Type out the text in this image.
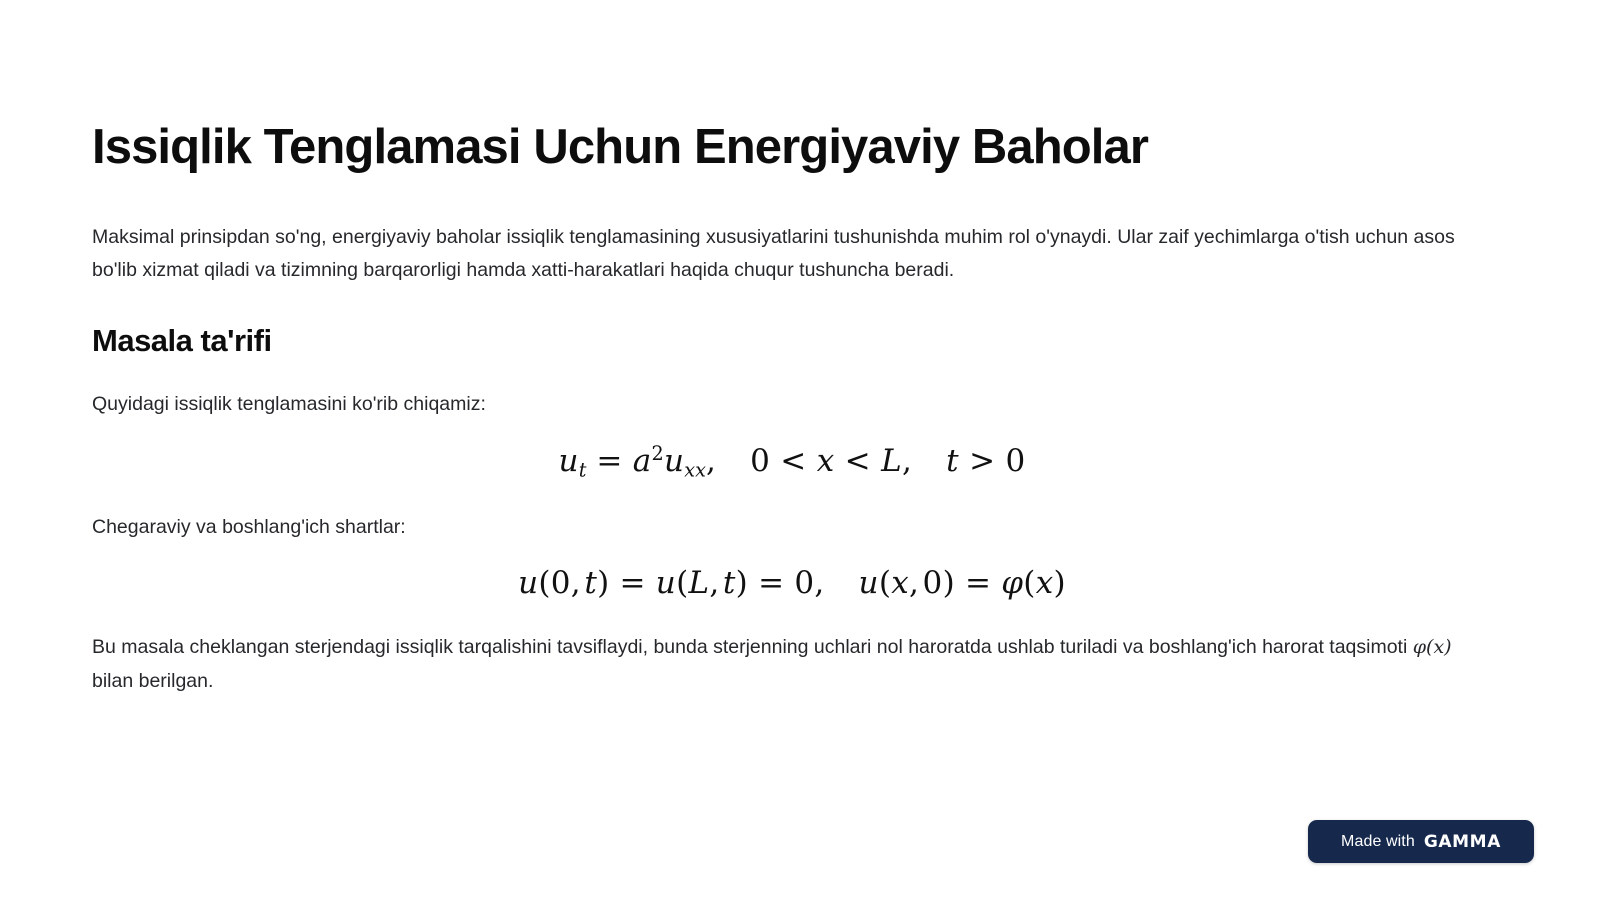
Issiqlik Tenglamasi Uchun Energiyaviy Baholar

Maksimal prinsipdan so'ng, energiyaviy baholar issiqlik tenglamasining xususiyatlarini tushunishda muhim rol o'ynaydi. Ular zaif yechimlarga o'tish uchun asos bo'lib xizmat qiladi va tizimning barqarorligi hamda xatti-harakatlari haqida chuqur tushuncha beradi.

Masala ta'rifi

Quyidagi issiqlik tenglamasini ko'rib chiqamiz:

$u_t = a^2u_{xx}$, 0 < x < L, t > 0

Chegaraviy va boshlang'ich shartlar:

u(0, t) = u(L, t) = 0, u(x, 0) = φ(x)

Bu masala cheklangan sterjendagi issiqlik tarqalishini tavsiflaydi, bunda sterjenning uchlari nol haroratda ushlab turiladi va boshlang'ich harorat taqsimoti φ(x) bilan berilgan.

Made with GAMMA
